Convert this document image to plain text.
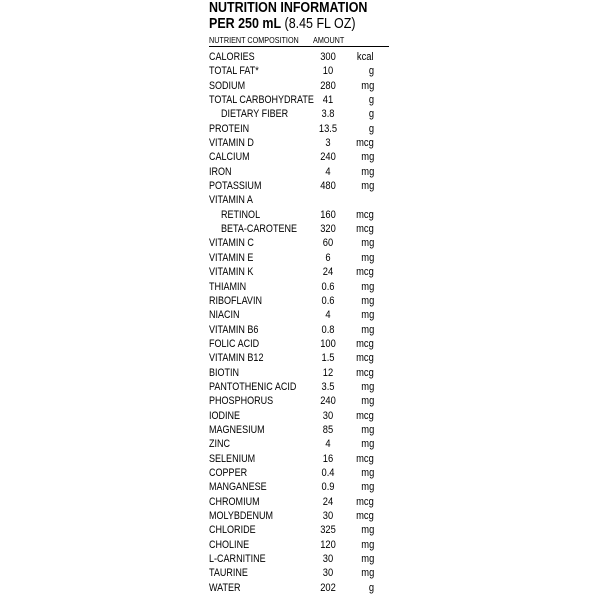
NUTRITION INFORMATION
PER 250 mL (8.45 FL OZ)
NUTRIENT COMPOSITION AMOUNT
CALORIES	300	kcal
TOTAL FAT*	10	g
SODIUM	280	mg
TOTAL CARBOHYDRATE 41	g
DIETARY FIBER	3.8	g
PROTEIN	13.5	g
VITAMIN D	3	mcg
CALCIUM	240	mg
IRON	4	mg
POTASSIUM	480	mg
VITAMIN A
RETINOL	160	mcg
BETA-CAROTENE	320	mcg
VITAMIN C	60	mg
VITAMIN E	6	mg
VITAMIN K	24	mcg
THIAMIN	0.6	mg
RIBOFLAVIN	0.6	mg
NIACIN	4	mg
VITAMIN B6	0.8	mg
FOLIC ACID	100	mcg
VITAMIN B12	1.5	mcg
BIOTIN	12	mcg
PANTOTHENIC ACID	3.5	mg
PHOSPHORUS	240	mg
IODINE	30	mcg
MAGNESIUM	85	mg
ZINC	4	mg
SELENIUM	16	mcg
COPPER	0.4	mg
MANGANESE	0.9	mg
CHROMIUM	24	mcg
MOLYBDENUM	30	mcg
CHLORIDE	325	mg
CHOLINE	120	mg
L-CARNITINE	30	mg
TAURINE	30	mg
WATER	202	g
